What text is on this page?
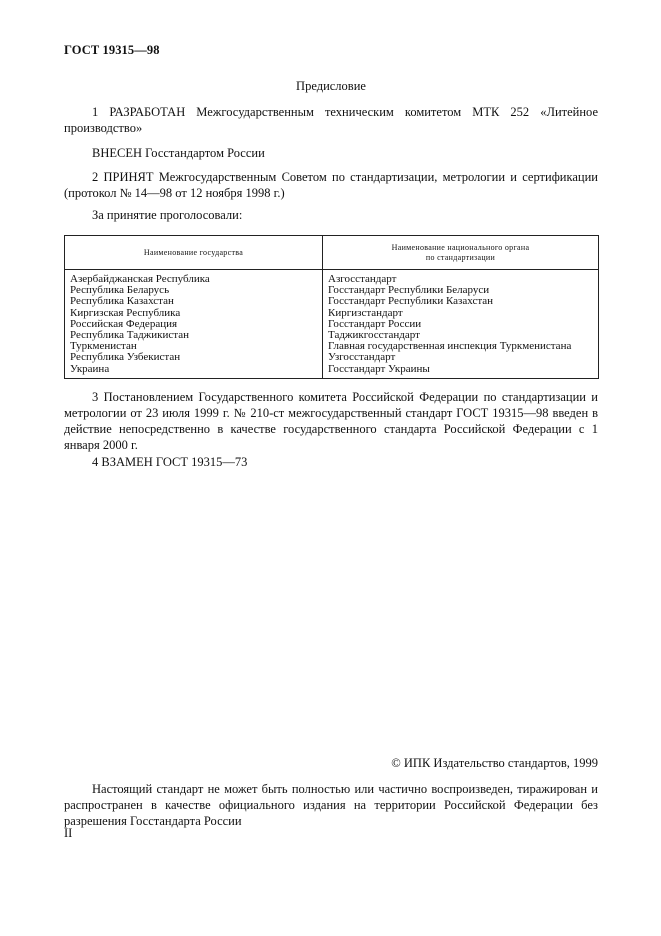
ГОСТ 19315—98
Предисловие
1 РАЗРАБОТАН Межгосударственным техническим комитетом МТК 252 «Литейное производство»
ВНЕСЕН Госстандартом России
2 ПРИНЯТ Межгосударственным Советом по стандартизации, метрологии и сертификации (протокол № 14—98 от 12 ноября 1998 г.)
За принятие проголосовали:
Наименование государства	Наименование национального органа
по стандартизации
Азербайджанская Республика	Азгосстандарт
Республика Беларусь	Госстандарт Республики Беларуси
Республика Казахстан	Госстандарт Республики Казахстан
Киргизская Республика	Киргизстандарт
Российская Федерация	Госстандарт России
Республика Таджикистан	Таджикгосстандарт
Туркменистан	Главная государственная инспекция Туркменистана
Республика Узбекистан	Узгосстандарт
Украина	Госстандарт Украины
3 Постановлением Государственного комитета Российской Федерации по стандартизации и метрологии от 23 июля 1999 г. № 210-ст межгосударственный стандарт ГОСТ 19315—98 введен в действие непосредственно в качестве государственного стандарта Российской Федерации с 1 января 2000 г.
4 ВЗАМЕН ГОСТ 19315—73
© ИПК Издательство стандартов, 1999
Настоящий стандарт не может быть полностью или частично воспроизведен, тиражирован и распространен в качестве официального издания на территории Российской Федерации без разрешения Госстандарта России
II
